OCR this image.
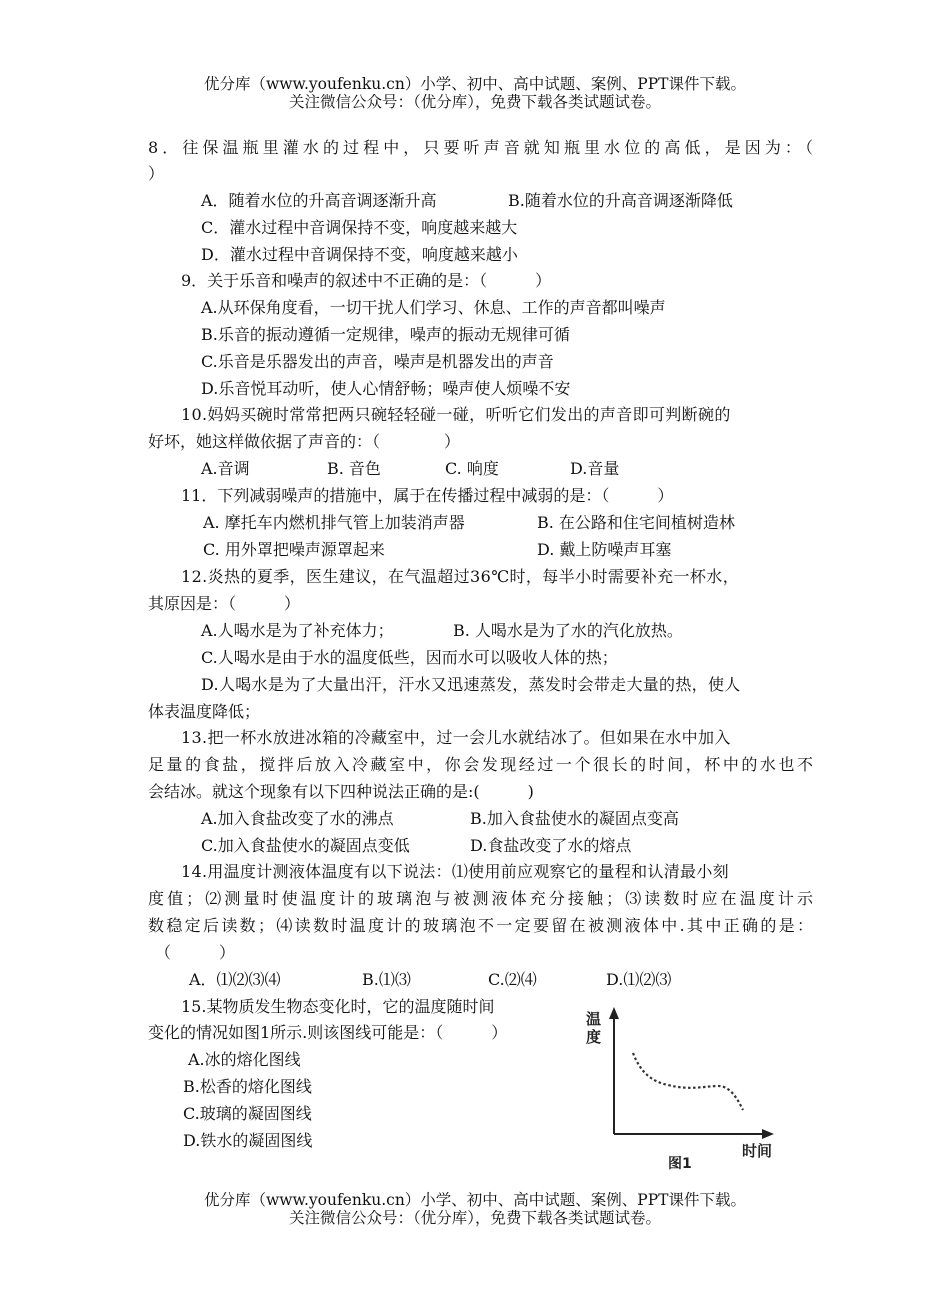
优分库（www.youfenku.cn）小学、初中、高中试题、案例、PPT课件下载。
关注微信公众号：（优分库），免费下载各类试题试卷。
8．往保温瓶里灌水的过程中，只要听声音就知瓶里水位的高低，是因为：（
）
A．随着水位的升高音调逐渐升高	B.随着水位的升高音调逐渐降低
C．灌水过程中音调保持不变，响度越来越大
D．灌水过程中音调保持不变，响度越来越小
9．关于乐音和噪声的叙述中不正确的是：（　　　）
A.从环保角度看，一切干扰人们学习、休息、工作的声音都叫噪声
B.乐音的振动遵循一定规律，噪声的振动无规律可循
C.乐音是乐器发出的声音，噪声是机器发出的声音
D.乐音悦耳动听，使人心情舒畅；噪声使人烦噪不安
10.妈妈买碗时常常把两只碗轻轻碰一碰，听听它们发出的声音即可判断碗的
好坏，她这样做依据了声音的：（　　　　）
A.音调	B. 音色	C. 响度	D.音量
11．下列减弱噪声的措施中，属于在传播过程中减弱的是：（　　　）
A. 摩托车内燃机排气管上加装消声器	B. 在公路和住宅间植树造林
C. 用外罩把噪声源罩起来	D. 戴上防噪声耳塞
12.炎热的夏季，医生建议，在气温超过36℃时，每半小时需要补充一杯水，
其原因是：（　　　）
A.人喝水是为了补充体力；	B. 人喝水是为了水的汽化放热。
C.人喝水是由于水的温度低些，因而水可以吸收人体的热；
D.人喝水是为了大量出汗，汗水又迅速蒸发，蒸发时会带走大量的热，使人
体表温度降低；
13.把一杯水放进冰箱的冷藏室中，过一会儿水就结冰了。但如果在水中加入
足量的食盐，搅拌后放入冷藏室中，你会发现经过一个很长的时间，杯中的水也不
会结冰。就这个现象有以下四种说法正确的是:(　　　)
A.加入食盐改变了水的沸点	B.加入食盐使水的凝固点变高
C.加入食盐使水的凝固点变低	D.食盐改变了水的熔点
14.用温度计测液体温度有以下说法：⑴使用前应观察它的量程和认清最小刻
度值；⑵测量时使温度计的玻璃泡与被测液体充分接触；⑶读数时应在温度计示
数稳定后读数；⑷读数时温度计的玻璃泡不一定要留在被测液体中.其中正确的是：
（　　　）
A．⑴⑵⑶⑷	B.⑴⑶	C.⑵⑷	D.⑴⑵⑶
15.某物质发生物态变化时，它的温度随时间
变化的情况如图1所示.则该图线可能是：（　　　）
A.冰的熔化图线
B.松香的熔化图线
C.玻璃的凝固图线
D.铁水的凝固图线
温
度
时间
图1
优分库（www.youfenku.cn）小学、初中、高中试题、案例、PPT课件下载。
关注微信公众号：（优分库），免费下载各类试题试卷。
